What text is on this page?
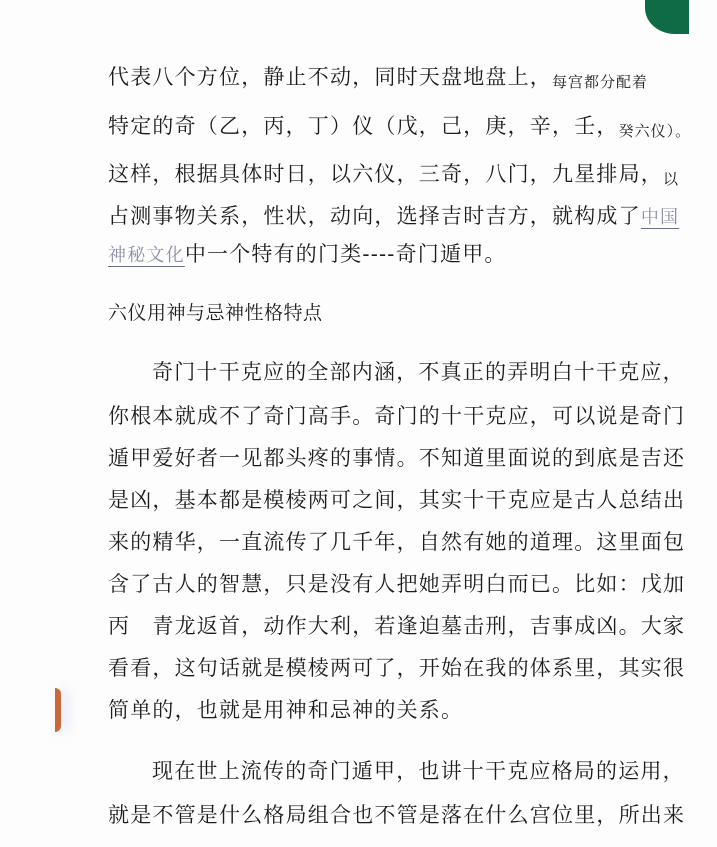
代表八个方位，静止不动，同时天盘地盘上，每宫都分配着
特定的奇（乙，丙，丁）仪（戊，己，庚，辛，壬，癸六仪）。
这样，根据具体时日，以六仪，三奇，八门，九星排局，以
占测事物关系，性状，动向，选择吉时吉方，就构成了中国
神秘文化中一个特有的门类----奇门遁甲。
六仪用神与忌神性格特点
奇门十干克应的全部内涵，不真正的弄明白十干克应，
你根本就成不了奇门高手。奇门的十干克应，可以说是奇门
遁甲爱好者一见都头疼的事情。不知道里面说的到底是吉还
是凶，基本都是模棱两可之间，其实十干克应是古人总结出
来的精华，一直流传了几千年，自然有她的道理。这里面包
含了古人的智慧，只是没有人把她弄明白而已。比如：戊加
丙　青龙返首，动作大利，若逢迫墓击刑，吉事成凶。大家
看看，这句话就是模棱两可了，开始在我的体系里，其实很
简单的，也就是用神和忌神的关系。
现在世上流传的奇门遁甲，也讲十干克应格局的运用，
就是不管是什么格局组合也不管是落在什么宫位里，所出来
